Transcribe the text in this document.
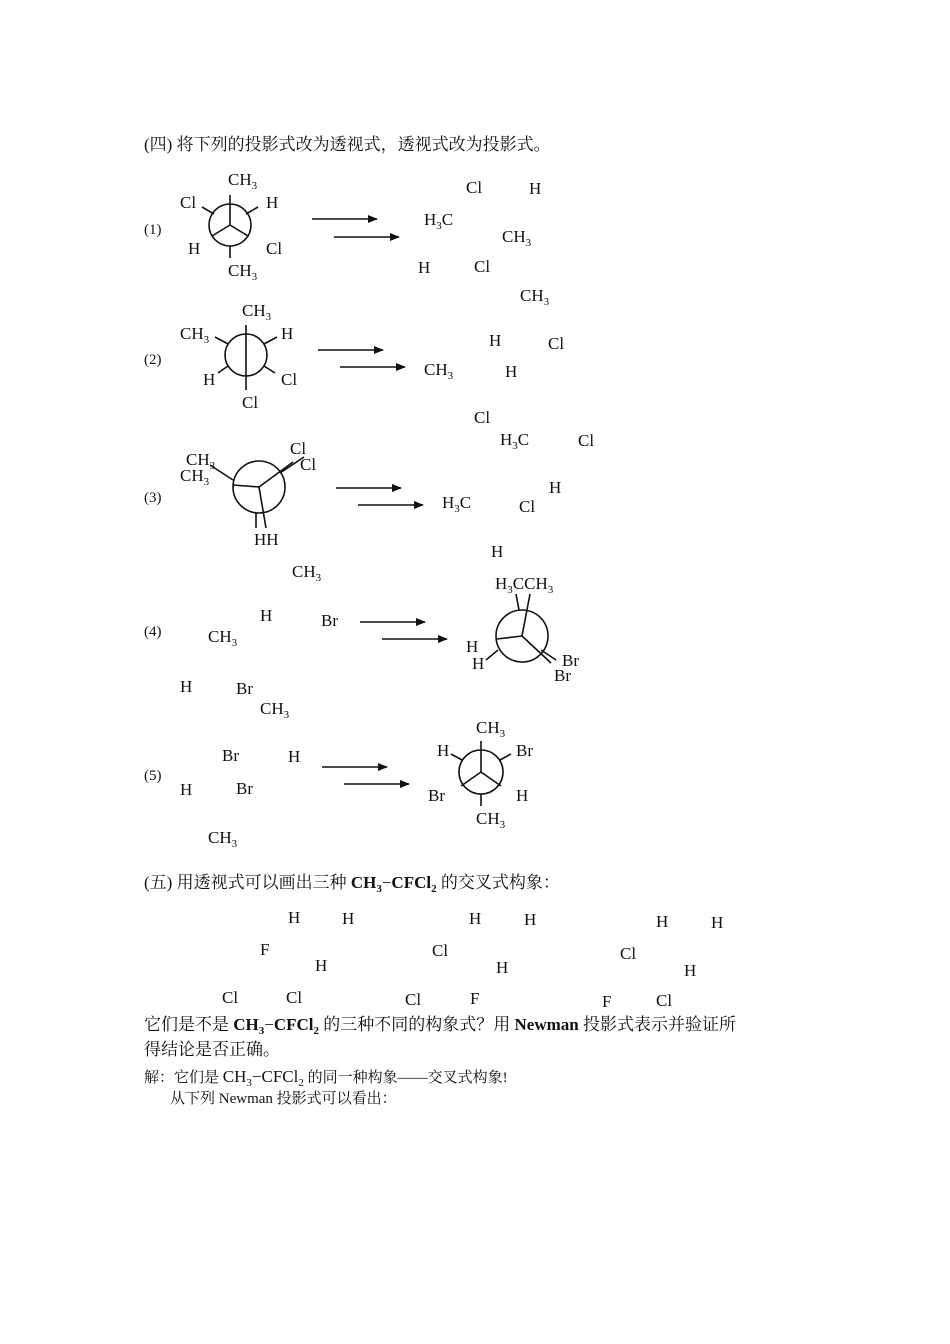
(四) 将下列的投影式改为透视式，透视式改为投影式。
(1)
$CH_3$
Cl	H
H	Cl
$CH_3$
Cl	H
$H_3C$
$CH_3$
H	Cl
(2)
$CH_3$
$CH_3$	H
H	Cl
Cl
$CH_3$
H	Cl
$CH_3$	H
Cl
(3)
$CH_3$
$CH_3$
Cl
Cl
HH
$H_3C$	Cl
H
$H_3C$	Cl
H
(4)
$CH_3$
H	Br
$CH_3$
H	Br
$CH_3$
$H_3CCH_3$
H
H	Br
Br
(5)
Br	H
H	Br
$CH_3$
$CH_3$
H	Br
Br	H
$CH_3$
(五) 用透视式可以画出三种 $CH_3-CFCl_2$ 的交叉式构象：
H H
F
H
Cl	Cl
H	H
Cl
H
Cl	F
H	H
Cl
H
F	Cl
它们是不是 $CH_3-CFCl_2$ 的三种不同的构象式？用 Newman 投影式表示并验证所
得结论是否正确。
解：它们是 $CH_3-CFCl_2$ 的同一种构象——交叉式构象!
从下列 Newman 投影式可以看出：
